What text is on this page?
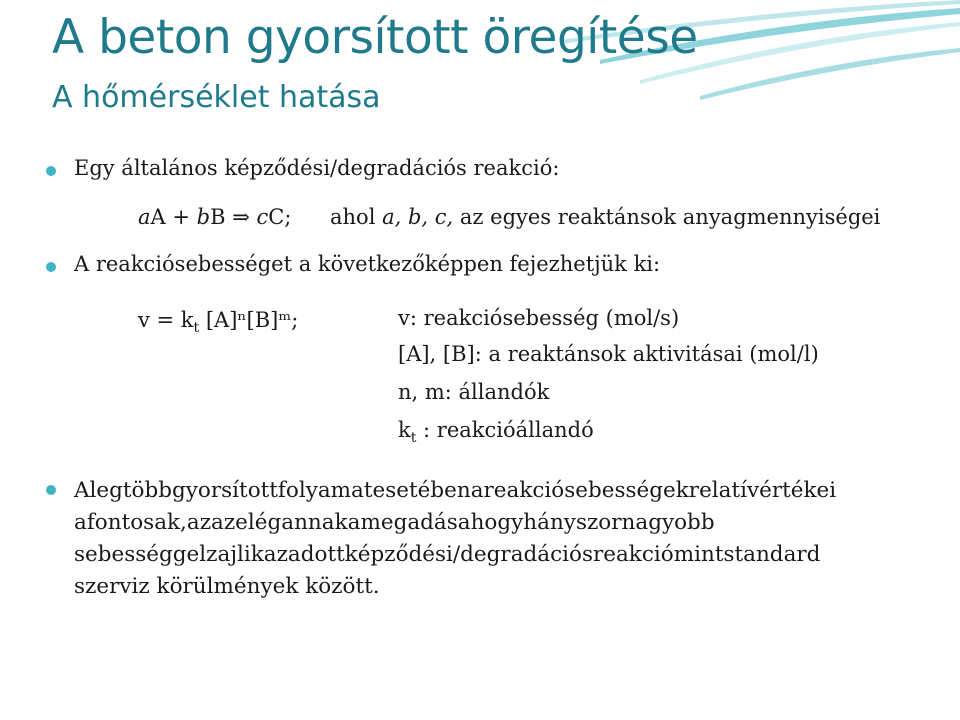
A beton gyorsított öregítése
A hőmérséklet hatása
Egy általános képződési/degradációs reakció:
aA + bB ⇒ cC; ahol a, b, c, az egyes reaktánsok anyagmennyiségei
A reakciósebességet a következőképpen fejezhetjük ki:
$v = k_t$ [A]ⁿ[B]ᵐ;	v: reakciósebesség (mol/s)
[A], [B]: a reaktánsok aktivitásai (mol/l)
n, m: állandók
$k_t$ : reakcióállandó
Alegtöbbgyorsítottfolyamatesetébenareakciósebességekrelatívértékei
afontosak,azazelégannakamegadásahogyhányszornagyobb
sebességgelzajlikazadottképződési/degradációsreakciómintstandard
szerviz körülmények között.
